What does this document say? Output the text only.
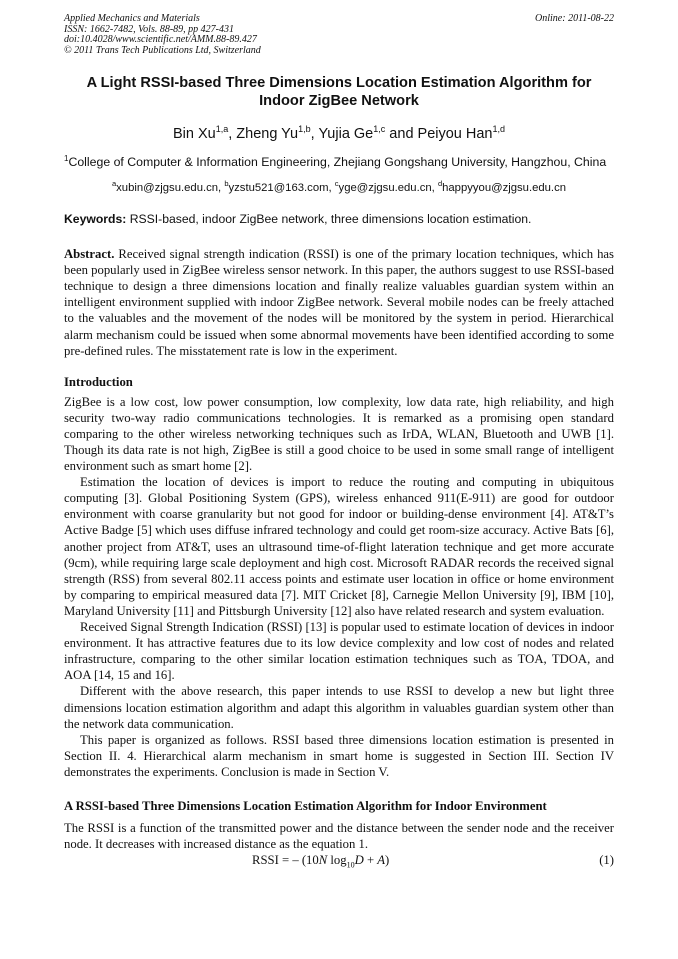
Applied Mechanics and Materials
ISSN: 1662-7482, Vols. 88-89, pp 427-431
doi:10.4028/www.scientific.net/AMM.88-89.427
© 2011 Trans Tech Publications Ltd, Switzerland
Online: 2011-08-22
A Light RSSI-based Three Dimensions Location Estimation Algorithm for Indoor ZigBee Network
Bin Xu$^{1,a}$, Zheng Yu$^{1,b}$, Yujia Ge$^{1,c}$ and Peiyou Han$^{1,d}$
$^1$College of Computer & Information Engineering, Zhejiang Gongshang University, Hangzhou, China
$^a$xubin@zjgsu.edu.cn, $^b$yzstu521@163.com, $^c$yge@zjgsu.edu.cn, $^d$happyyou@zjgsu.edu.cn
Keywords: RSSI-based, indoor ZigBee network, three dimensions location estimation.
Abstract. Received signal strength indication (RSSI) is one of the primary location techniques, which has been popularly used in ZigBee wireless sensor network. In this paper, the authors suggest to use RSSI-based technique to design a three dimensions location and finally realize valuables guardian system within an intelligent environment supplied with indoor ZigBee network. Several mobile nodes can be freely attached to the valuables and the movement of the nodes will be monitored by the system in period. Hierarchical alarm mechanism could be issued when some abnormal movements have been identified according to some pre-defined rules. The misstatement rate is low in the experiment.
Introduction

ZigBee is a low cost, low power consumption, low complexity, low data rate, high reliability, and high security two-way radio communications technologies. It is remarked as a promising open standard comparing to the other wireless networking techniques such as IrDA, WLAN, Bluetooth and UWB [1]. Though its data rate is not high, ZigBee is still a good choice to be used in some small range of intelligent environment such as smart home [2].

Estimation the location of devices is import to reduce the routing and computing in ubiquitous computing [3]. Global Positioning System (GPS), wireless enhanced 911(E-911) are good for outdoor environment with coarse granularity but not good for indoor or building-dense environment [4]. AT&T’s Active Badge [5] which uses diffuse infrared technology and could get room-size accuracy. Active Bats [6], another project from AT&T, uses an ultrasound time-of-flight lateration technique and get more accurate (9cm), while requiring large scale deployment and high cost. Microsoft RADAR records the received signal strength (RSS) from several 802.11 access points and estimate user location in office or home environment by comparing to empirical measured data [7]. MIT Cricket [8], Carnegie Mellon University [9], IBM [10], Maryland University [11] and Pittsburgh University [12] also have related research and system evaluation.

Received Signal Strength Indication (RSSI) [13] is popular used to estimate location of devices in indoor environment. It has attractive features due to its low device complexity and low cost of nodes and related infrastructure, comparing to the other similar location estimation techniques such as TOA, TDOA, and AOA [14, 15 and 16].

Different with the above research, this paper intends to use RSSI to develop a new but light three dimensions location estimation algorithm and adapt this algorithm in valuables guardian system other than the network data communication.

This paper is organized as follows. RSSI based three dimensions location estimation is presented in Section II. 4. Hierarchical alarm mechanism in smart home is suggested in Section III. Section IV demonstrates the experiments. Conclusion is made in Section V.

A RSSI-based Three Dimensions Location Estimation Algorithm for Indoor Environment

The RSSI is a function of the transmitted power and the distance between the sender node and the receiver node. It decreases with increased distance as the equation 1.

RSSI = – (10N $\log_{10}D + A$)	(1)
